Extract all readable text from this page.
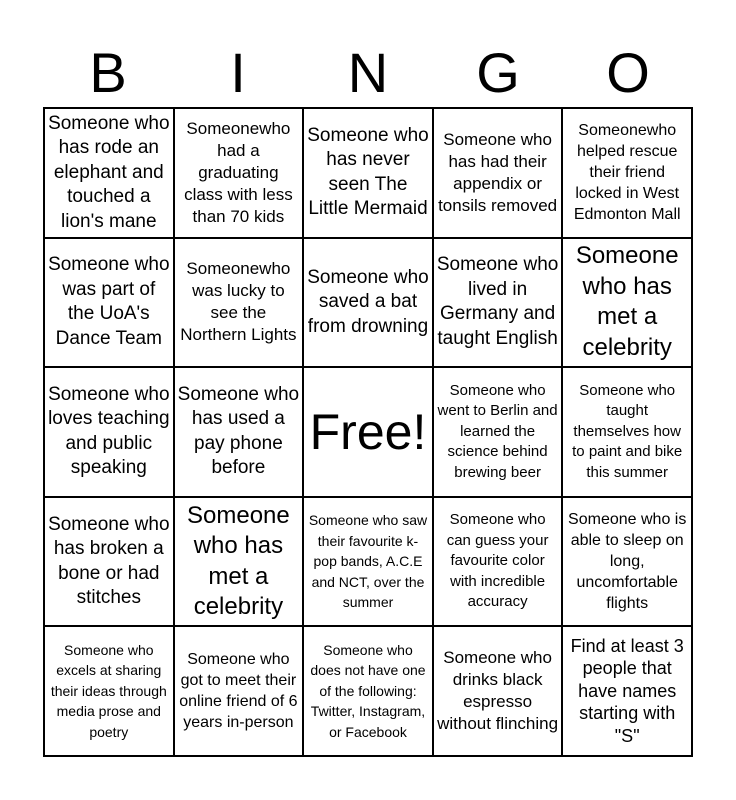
B	I	N	G	O
Someone who has rode an elephant and touched a lion's mane
Someonewho had a graduating class with less than 70 kids
Someone who has never seen The Little Mermaid
Someone who has had their appendix or tonsils removed
Someonewho helped rescue their friend locked in West Edmonton Mall
Someone who was part of the UoA's Dance Team
Someonewho was lucky to see the Northern Lights
Someone who saved a bat from drowning
Someone who lived in Germany and taught English
Someone who has met a celebrity
Someone who loves teaching and public speaking
Someone who has used a pay phone before
Free!
Someone who went to Berlin and learned the science behind brewing beer
Someone who taught themselves how to paint and bike this summer
Someone who has broken a bone or had stitches
Someone who has met a celebrity
Someone who saw their favourite k-pop bands, A.C.E and NCT, over the summer
Someone who can guess your favourite color with incredible accuracy
Someone who is able to sleep on long, uncomfortable flights
Someone who excels at sharing their ideas through media prose and poetry
Someone who got to meet their online friend of 6 years in-person
Someone who does not have one of the following: Twitter, Instagram, or Facebook
Someone who drinks black espresso without flinching
Find at least 3 people that have names starting with "S"
